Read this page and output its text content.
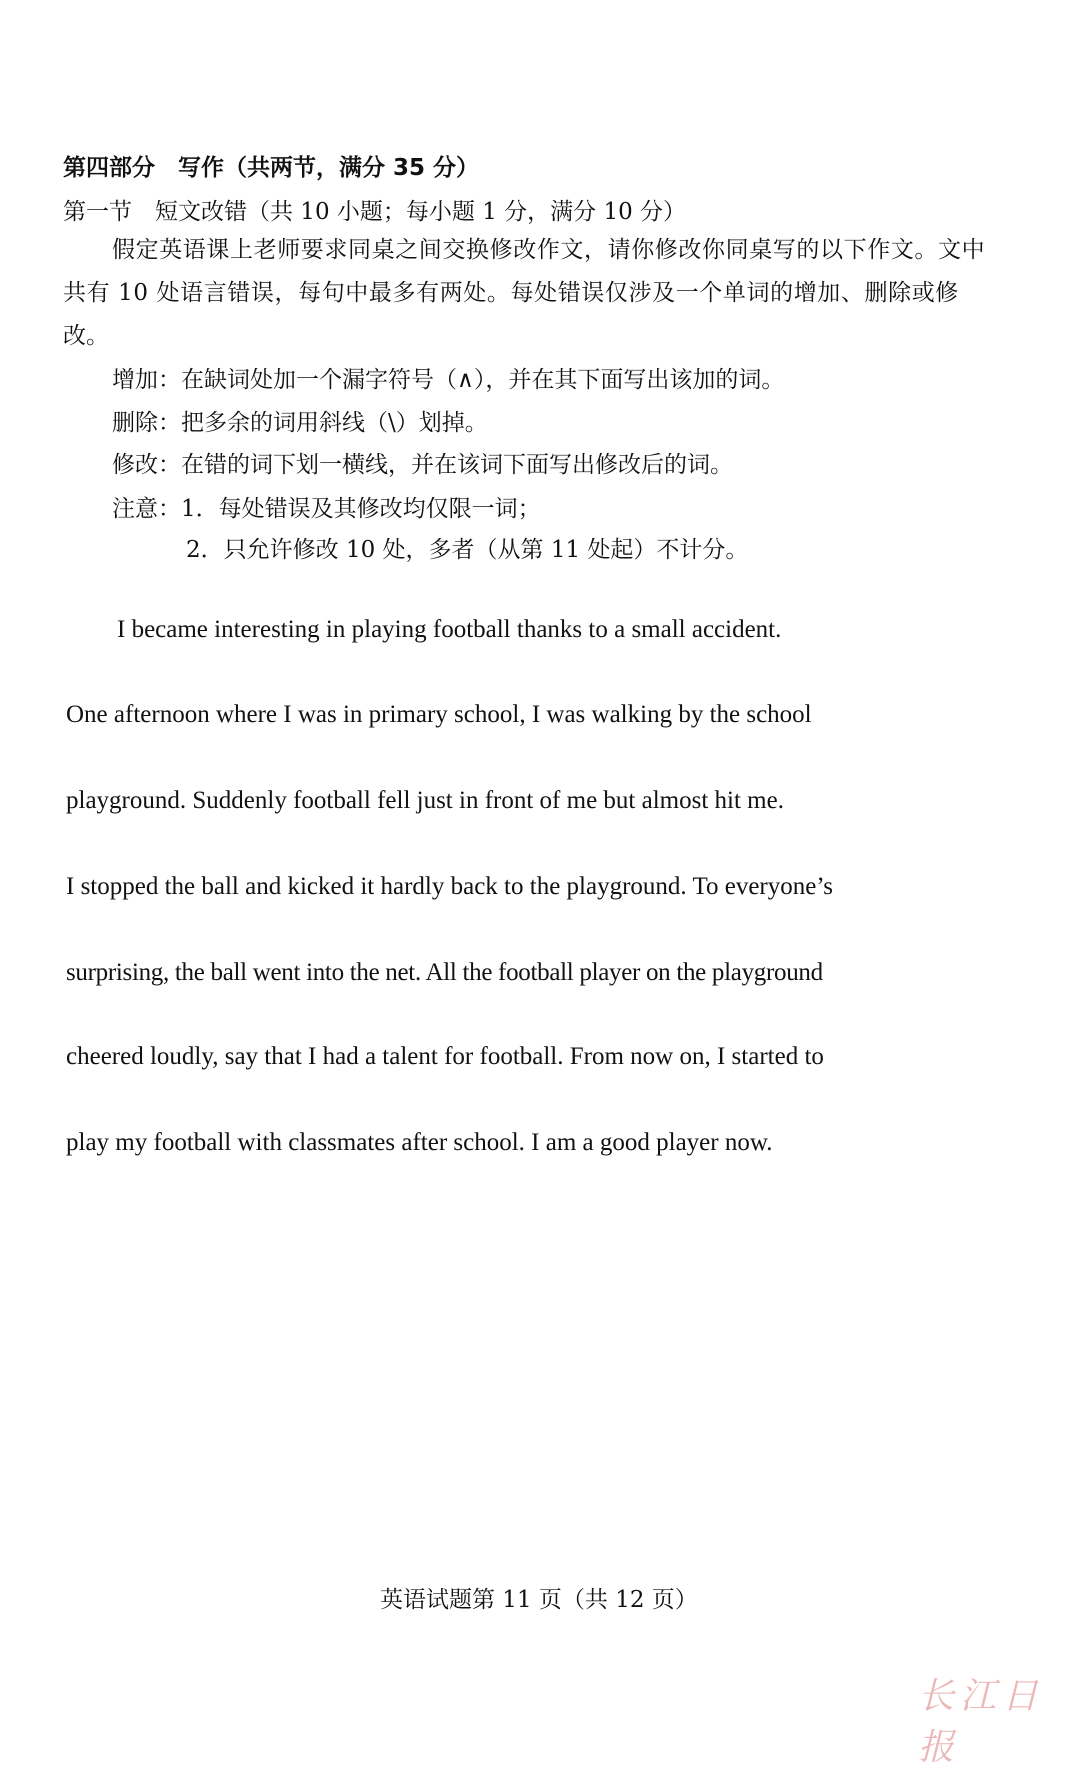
第四部分　写作（共两节，满分 35 分）
第一节　短文改错（共 10 小题；每小题 1 分，满分 10 分）
假定英语课上老师要求同桌之间交换修改作文，请你修改你同桌写的以下作文。文中
共有 10 处语言错误，每句中最多有两处。每处错误仅涉及一个单词的增加、删除或修
改。
增加：在缺词处加一个漏字符号（∧），并在其下面写出该加的词。
删除：把多余的词用斜线（\）划掉。
修改：在错的词下划一横线，并在该词下面写出修改后的词。
注意：1．每处错误及其修改均仅限一词；
2．只允许修改 10 处，多者（从第 11 处起）不计分。
I became interesting in playing football thanks to a small accident.
One afternoon where I was in primary school, I was walking by the school
playground. Suddenly football fell just in front of me but almost hit me.
I stopped the ball and kicked it hardly back to the playground. To everyone’s
surprising, the ball went into the net. All the football player on the playground
cheered loudly, say that I had a talent for football. From now on, I started to
play my football with classmates after school. I am a good player now.
英语试题第 11 页（共 12 页）
长江日报
